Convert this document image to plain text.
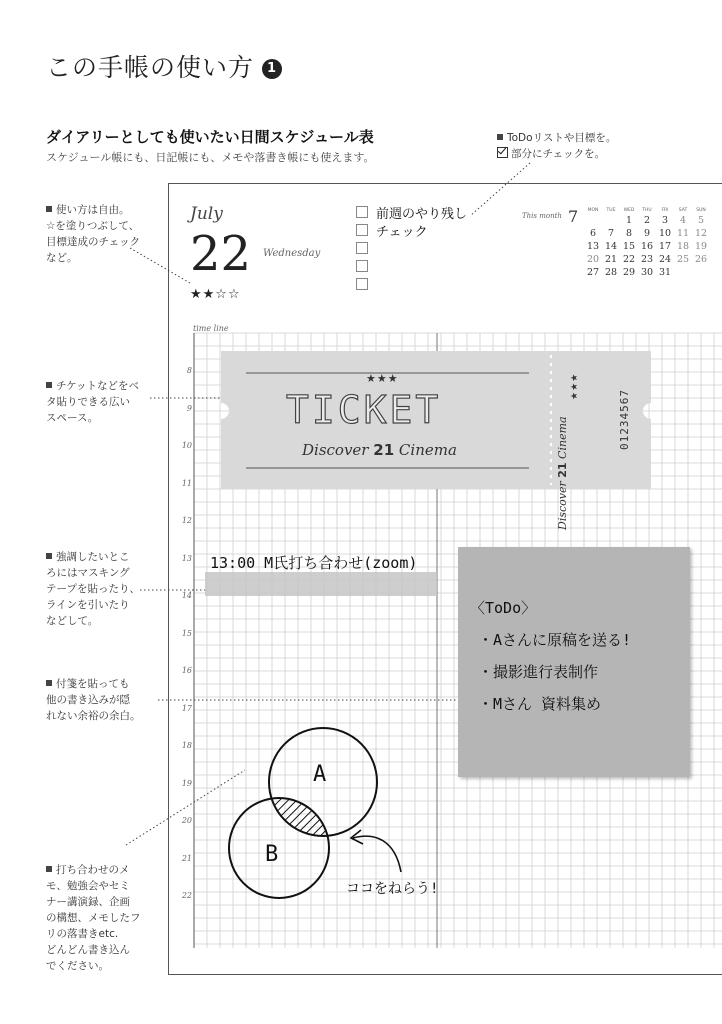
この手帳の使い方 1
ダイアリーとしても使いたい日間スケジュール表
スケジュール帳にも、日記帳にも、メモや落書き帳にも使えます。
ToDoリストや目標を。
部分にチェックを。
使い方は自由。
☆を塗りつぶして、
目標達成のチェック
など。
チケットなどをベ
タ貼りできる広い
スペース。
強調したいとこ
ろにはマスキング
テープを貼ったり、
ラインを引いたり
などして。
付箋を貼っても
他の書き込みが隠
れない余裕の余白。
打ち合わせのメ
モ、勉強会やセミ
ナー講演録、企画
の構想、メモしたフ
リの落書きetc.
どんどん書き込ん
でください。
July
22 Wednesday
★★☆☆
前週のやり残し
チェック
This month 7 MON	TUE	WED	THU	FRI	SAT	SUN
		1	2	3	4	5
6	7	8	9	10	11	12
13	14	15	16	17	18	19
20	21	22	23	24	25	26
27	28	29	30	31		
time line
8
9
10
11
12
13
14
15
16
17
18
19
20
21
22
13:00 M氏打ち合わせ(zoom)
★★★
TICKET
Discover 21 Cinema
Discover 21 Cinema
★★★
01234567
〈ToDo〉
・Aさんに原稿を送る!
・撮影進行表制作
・Mさん 資料集め
A
B
ココをねらう!
